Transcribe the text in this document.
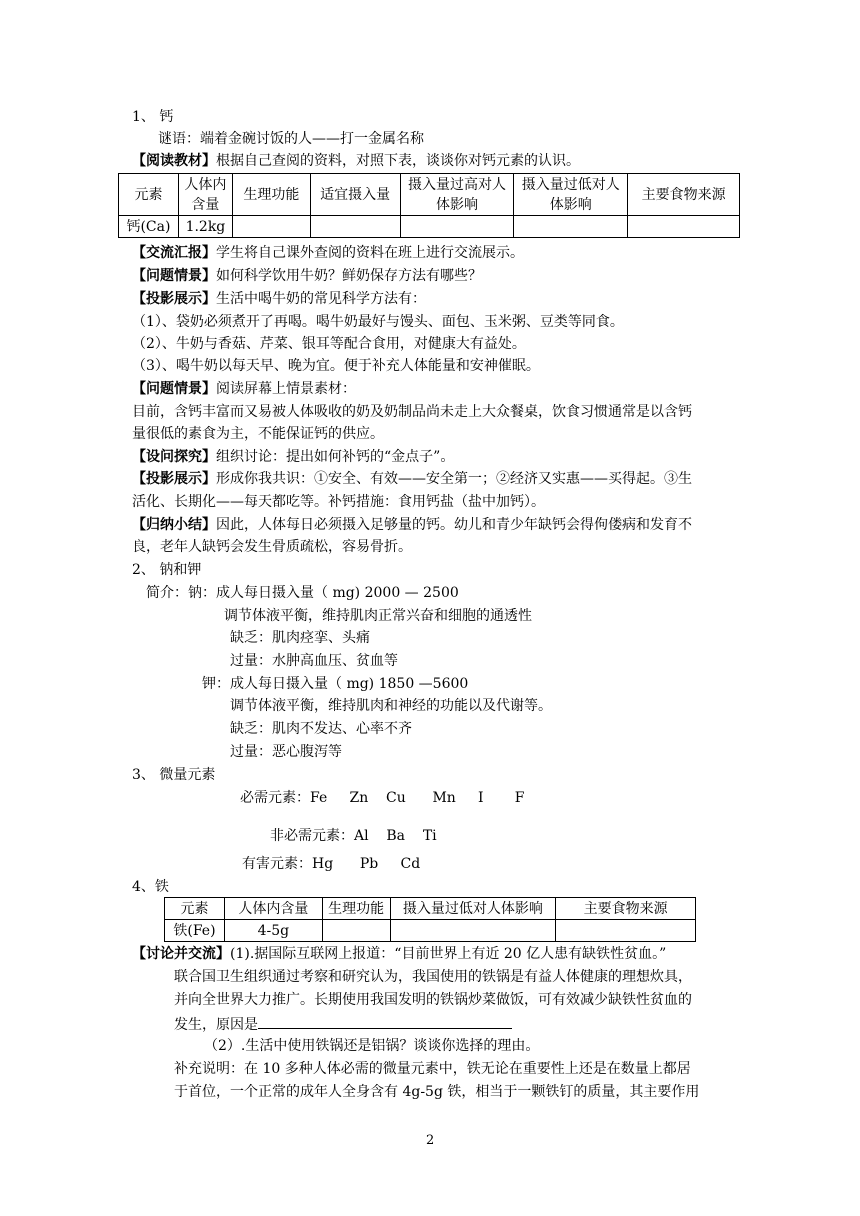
1、 钙
谜语：端着金碗讨饭的人——打一金属名称
【阅读教材】根据自己查阅的资料，对照下表，谈谈你对钙元素的认识。
元素	人体内含量	生理功能	适宜摄入量	摄入量过高对人体影响	摄入量过低对人体影响	主要食物来源
钙(Ca)	1.2kg					
【交流汇报】学生将自己课外查阅的资料在班上进行交流展示。
【问题情景】如何科学饮用牛奶？鲜奶保存方法有哪些？
【投影展示】生活中喝牛奶的常见科学方法有：
（1）、袋奶必须煮开了再喝。喝牛奶最好与馒头、面包、玉米粥、豆类等同食。
（2）、牛奶与香菇、芹菜、银耳等配合食用，对健康大有益处。
（3）、喝牛奶以每天早、晚为宜。便于补充人体能量和安神催眠。
【问题情景】阅读屏幕上情景素材：
目前，含钙丰富而又易被人体吸收的奶及奶制品尚未走上大众餐桌，饮食习惯通常是以含钙
量很低的素食为主，不能保证钙的供应。
【设问探究】组织讨论：提出如何补钙的“金点子”。
【投影展示】形成你我共识：①安全、有效——安全第一；②经济又实惠——买得起。③生
活化、长期化——每天都吃等。补钙措施：食用钙盐（盐中加钙）。
【归纳小结】因此，人体每日必须摄入足够量的钙。幼儿和青少年缺钙会得佝偻病和发育不
良，老年人缺钙会发生骨质疏松，容易骨折。
2、 钠和钾
简介：钠：成人每日摄入量（ mg) 2000 — 2500
调节体液平衡，维持肌肉正常兴奋和细胞的通透性
缺乏：肌肉痉挛、头痛
过量：水肿高血压、贫血等
钾：成人每日摄入量（ mg) 1850 —5600
调节体液平衡，维持肌肉和神经的功能以及代谢等。
缺乏：肌肉不发达、心率不齐
过量：恶心腹泻等
3、 微量元素
必需元素：Fe     Zn    Cu      Mn     I       F
非必需元素：Al    Ba    Ti
有害元素：Hg      Pb     Cd
4、铁
元素	人体内含量	生理功能	摄入量过低对人体影响	主要食物来源
铁(Fe)	4-5g			
【讨论并交流】(1).据国际互联网上报道：“目前世界上有近 20 亿人患有缺铁性贫血。”
联合国卫生组织通过考察和研究认为，我国使用的铁锅是有益人体健康的理想炊具，
并向全世界大力推广。长期使用我国发明的铁锅炒菜做饭，可有效减少缺铁性贫血的
发生，原因是
（2）.生活中使用铁锅还是铝锅？谈谈你选择的理由。
补充说明：在 10 多种人体必需的微量元素中，铁无论在重要性上还是在数量上都居
于首位，一个正常的成年人全身含有 4g-5g 铁，相当于一颗铁钉的质量，其主要作用
2
